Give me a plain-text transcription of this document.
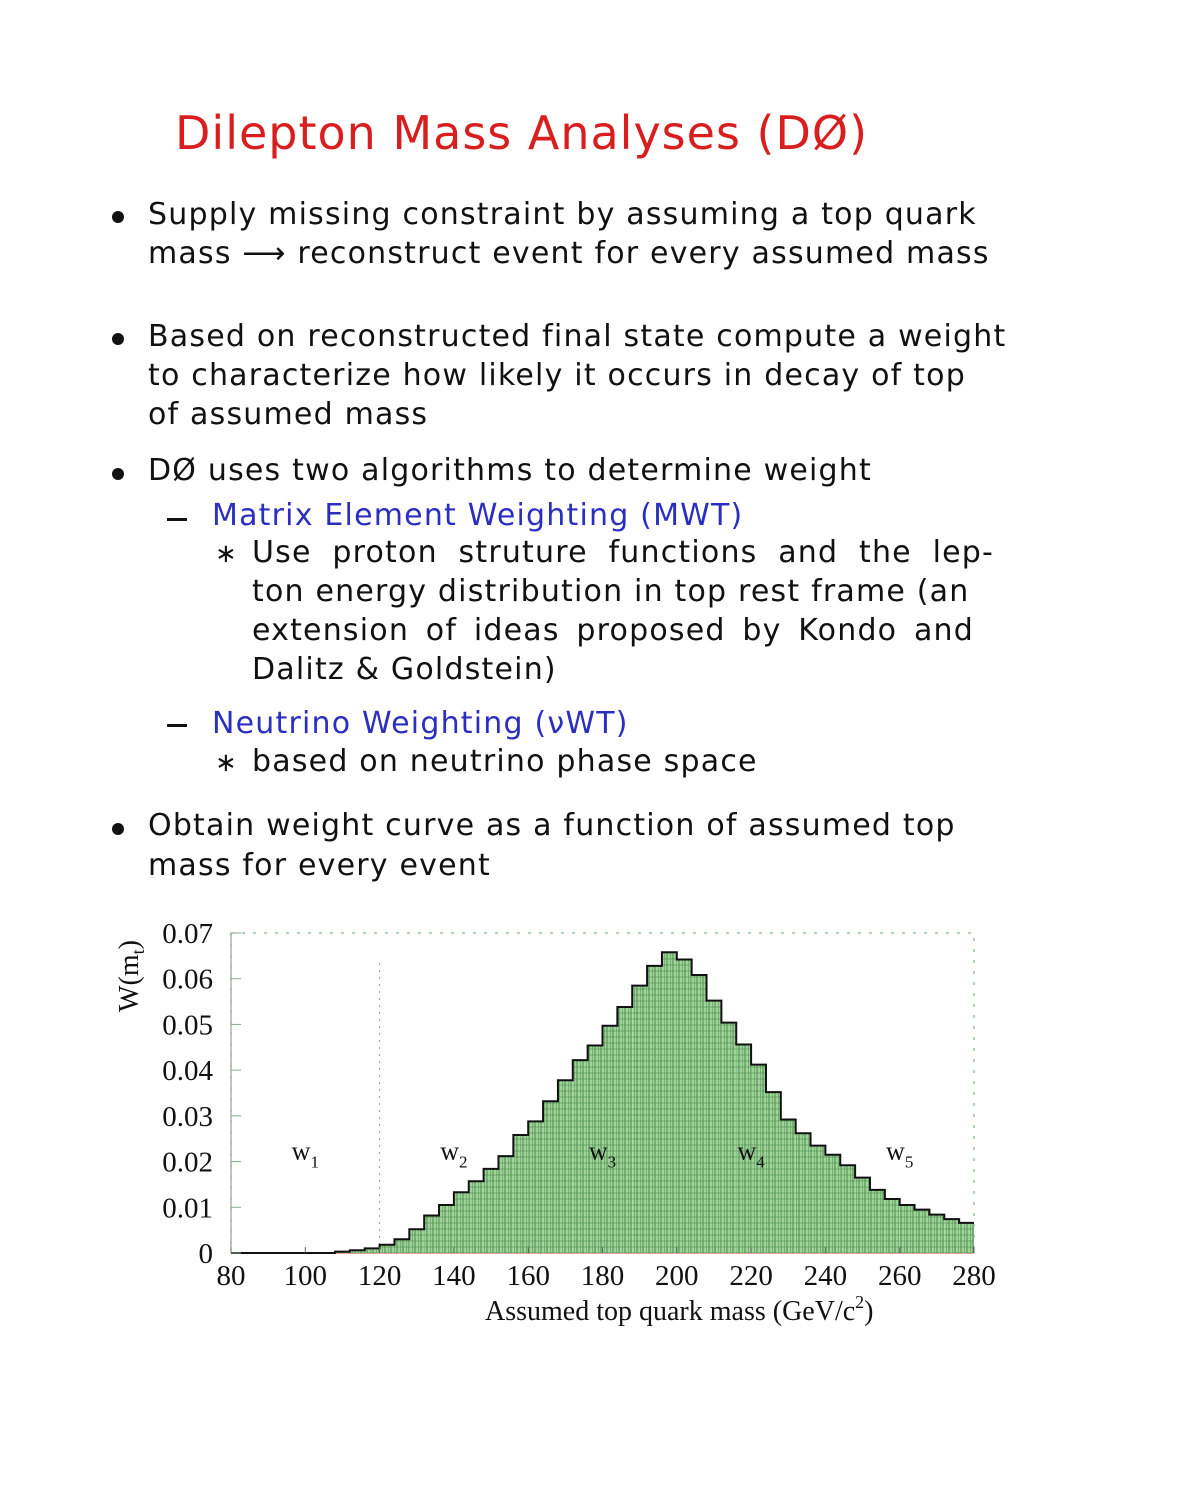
Dilepton Mass Analyses (DØ)
Supply missing constraint by assuming a top quark
mass ⟶ reconstruct event for every assumed mass
Based on reconstructed final state compute a weight
to characterize how likely it occurs in decay of top
of assumed mass
DØ uses two algorithms to determine weight
Matrix Element Weighting (MWT)
∗ Use proton struture functions and the lep-
ton energy distribution in top rest frame (an
extension of ideas proposed by Kondo and
Dalitz & Goldstein)
Neutrino Weighting (νWT)
∗ based on neutrino phase space
Obtain weight curve as a function of assumed top
mass for every event
80 100 120 140 160 180 200 220 240 260 280
0
0.01
0.02
0.03
0.04
0.05
0.06
0.07
$w_1$	$w_2$	$w_3$	$w_4$	$w_5$
$W(m_t)$
Assumed top quark mass $(GeV/c^2)$
